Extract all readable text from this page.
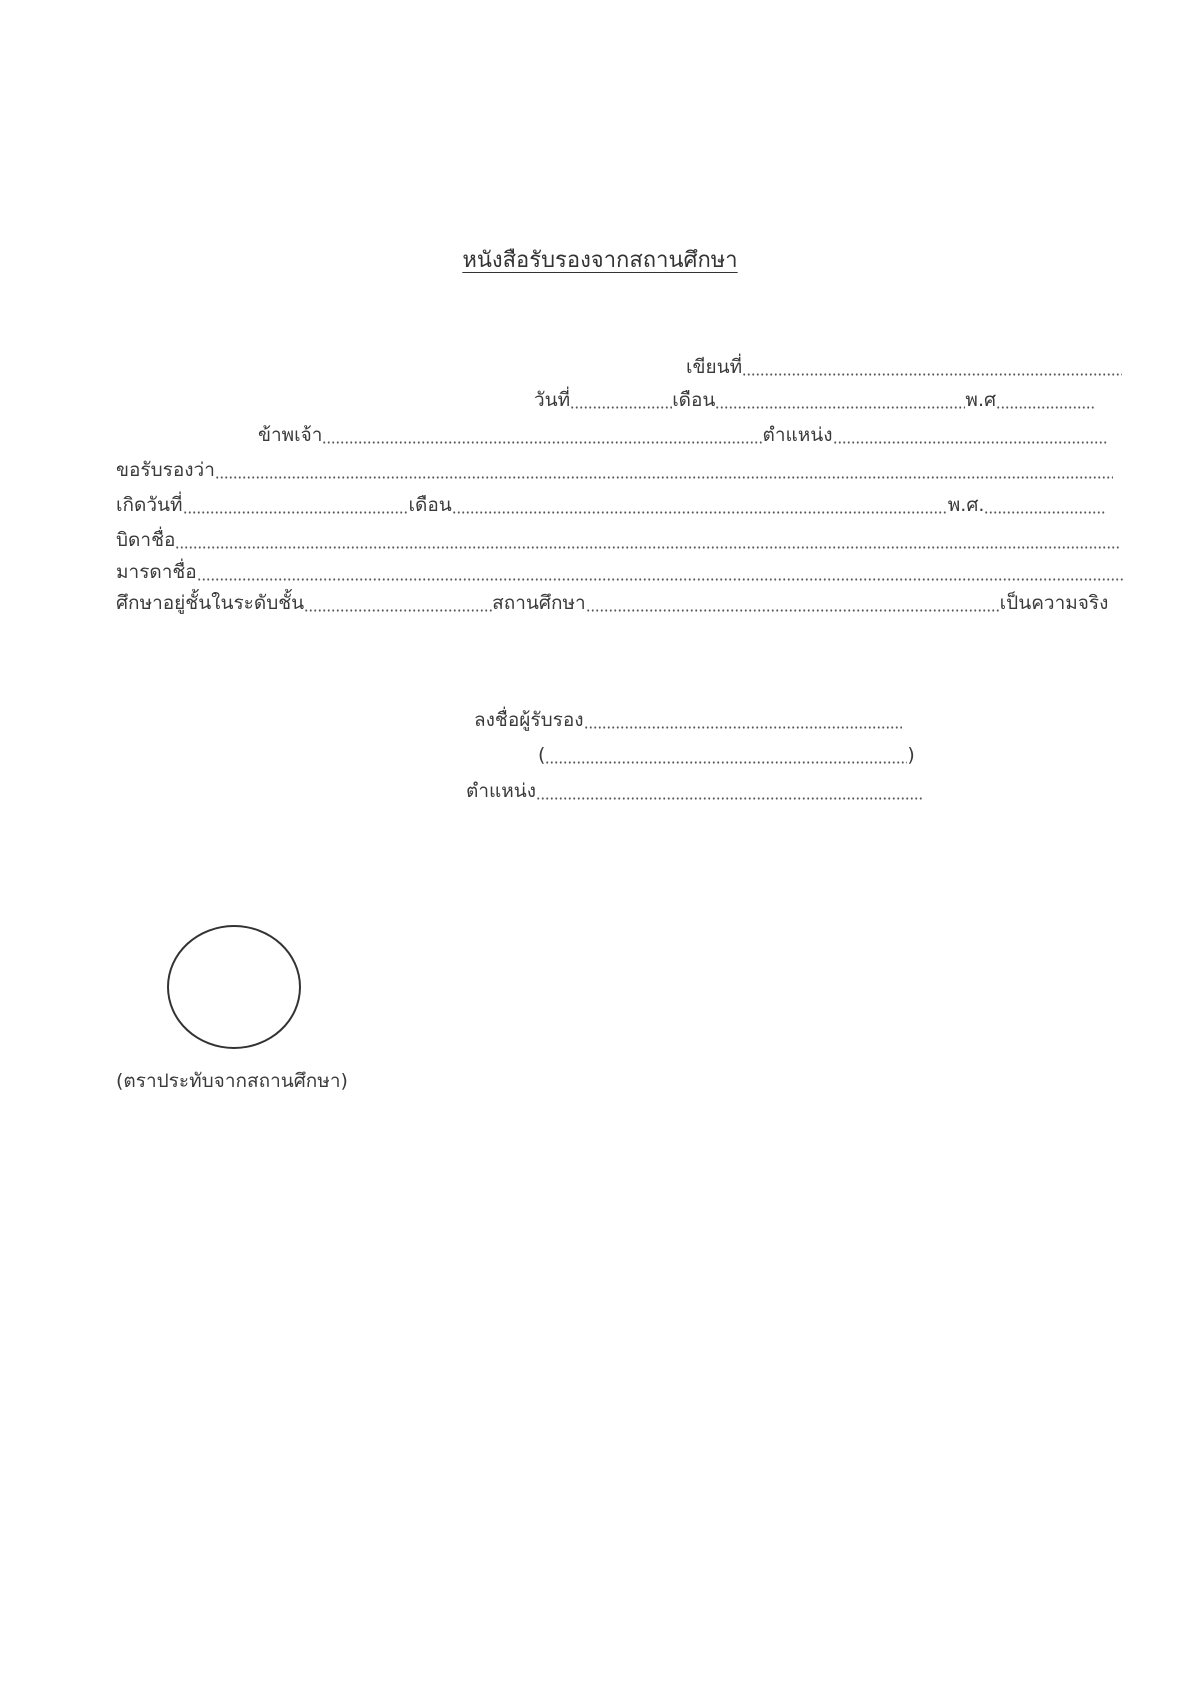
หนังสือรับรองจากสถานศึกษา
เขียนที่
วันที่	เดือน	พ.ศ
ข้าพเจ้า	ตำแหน่ง
ขอรับรองว่า
เกิดวันที่	เดือน	พ.ศ.
บิดาชื่อ
มารดาชื่อ
ศึกษาอยู่ชั้นในระดับชั้น	สถานศึกษา	เป็นความจริง
ลงชื่อผู้รับรอง
(	)
ตำแหน่ง
(ตราประทับจากสถานศึกษา)
